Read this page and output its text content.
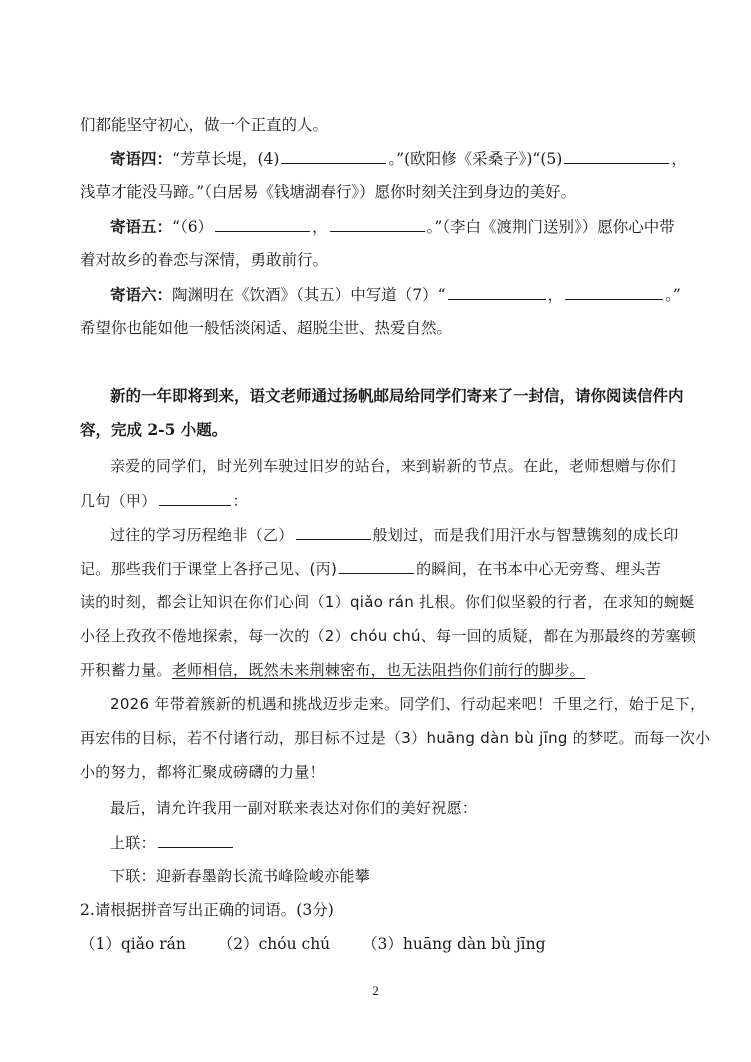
们都能坚守初心，做一个正直的人。
寄语四：“芳草长堤，(4)	。”(欧阳修《采桑子》)“(5)	，
浅草才能没马蹄。”（白居易《钱塘湖春行》）愿你时刻关注到身边的美好。
寄语五：“（6）	，	。”（李白《渡荆门送别》）愿你心中带
着对故乡的眷恋与深情，勇敢前行。
寄语六：陶渊明在《饮酒》（其五）中写道（7）“	，	。”
希望你也能如他一般恬淡闲适、超脱尘世、热爱自然。
新的一年即将到来，语文老师通过扬帆邮局给同学们寄来了一封信，请你阅读信件内
容，完成 2-5 小题。
亲爱的同学们，时光列车驶过旧岁的站台，来到崭新的节点。在此，老师想赠与你们
几句（甲）	：
过往的学习历程绝非（乙）	般划过，而是我们用汗水与智慧镌刻的成长印
记。那些我们于课堂上各抒己见、(丙)	的瞬间，在书本中心无旁骛、埋头苦
读的时刻，都会让知识在你们心间（1）qiǎo rán 扎根。你们似坚毅的行者，在求知的蜿蜒
小径上孜孜不倦地探索，每一次的（2）chóu chú、每一回的质疑，都在为那最终的芳塞顿
开积蓄力量。老师相信，既然未来荆棘密布，也无法阻挡你们前行的脚步。
2026 年带着簇新的机遇和挑战迈步走来。同学们、行动起来吧！千里之行，始于足下，
再宏伟的目标，若不付诸行动，那目标不过是（3）huāng dàn bù jīng 的梦呓。而每一次小
小的努力，都将汇聚成磅礴的力量！
最后，请允许我用一副对联来表达对你们的美好祝愿：
上联：
下联：迎新春墨韵长流书峰险峻亦能攀
2.请根据拼音写出正确的词语。(3分)
（1）qiǎo rán （2）chóu chú （3）huāng dàn bù jīng
2
